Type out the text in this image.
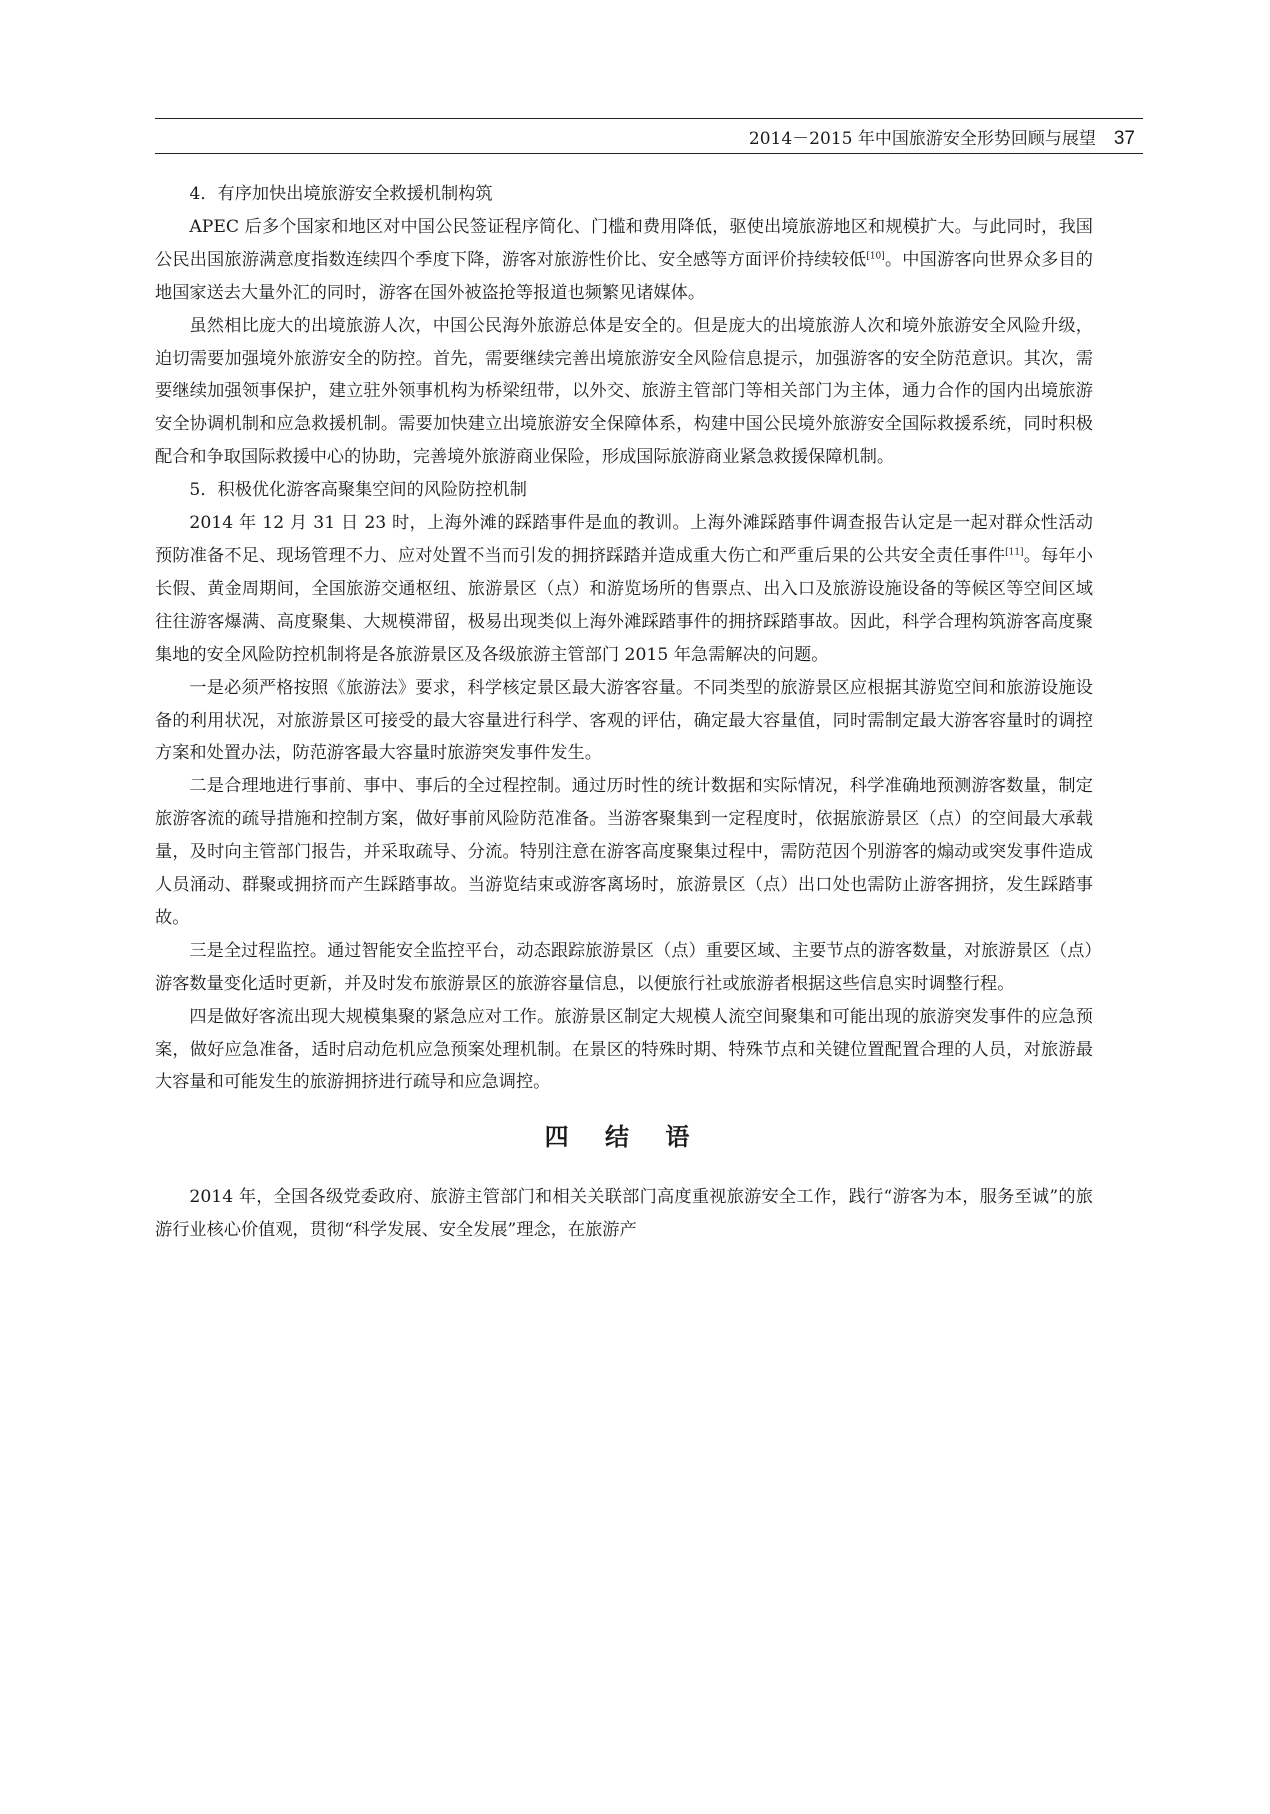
2014－2015 年中国旅游安全形势回顾与展望 37

4．有序加快出境旅游安全救援机制构筑

APEC 后多个国家和地区对中国公民签证程序简化、门槛和费用降低，驱使出境旅游地区和规模扩大。与此同时，我国公民出国旅游满意度指数连续四个季度下降，游客对旅游性价比、安全感等方面评价持续较低[10]。中国游客向世界众多目的地国家送去大量外汇的同时，游客在国外被盗抢等报道也频繁见诸媒体。

虽然相比庞大的出境旅游人次，中国公民海外旅游总体是安全的。但是庞大的出境旅游人次和境外旅游安全风险升级，迫切需要加强境外旅游安全的防控。首先，需要继续完善出境旅游安全风险信息提示，加强游客的安全防范意识。其次，需要继续加强领事保护，建立驻外领事机构为桥梁纽带，以外交、旅游主管部门等相关部门为主体，通力合作的国内出境旅游安全协调机制和应急救援机制。需要加快建立出境旅游安全保障体系，构建中国公民境外旅游安全国际救援系统，同时积极配合和争取国际救援中心的协助，完善境外旅游商业保险，形成国际旅游商业紧急救援保障机制。

5．积极优化游客高聚集空间的风险防控机制

2014 年 12 月 31 日 23 时，上海外滩的踩踏事件是血的教训。上海外滩踩踏事件调查报告认定是一起对群众性活动预防准备不足、现场管理不力、应对处置不当而引发的拥挤踩踏并造成重大伤亡和严重后果的公共安全责任事件[11]。每年小长假、黄金周期间，全国旅游交通枢纽、旅游景区（点）和游览场所的售票点、出入口及旅游设施设备的等候区等空间区域往往游客爆满、高度聚集、大规模滞留，极易出现类似上海外滩踩踏事件的拥挤踩踏事故。因此，科学合理构筑游客高度聚集地的安全风险防控机制将是各旅游景区及各级旅游主管部门 2015 年急需解决的问题。

一是必须严格按照《旅游法》要求，科学核定景区最大游客容量。不同类型的旅游景区应根据其游览空间和旅游设施设备的利用状况，对旅游景区可接受的最大容量进行科学、客观的评估，确定最大容量值，同时需制定最大游客容量时的调控方案和处置办法，防范游客最大容量时旅游突发事件发生。

二是合理地进行事前、事中、事后的全过程控制。通过历时性的统计数据和实际情况，科学准确地预测游客数量，制定旅游客流的疏导措施和控制方案，做好事前风险防范准备。当游客聚集到一定程度时，依据旅游景区（点）的空间最大承载量，及时向主管部门报告，并采取疏导、分流。特别注意在游客高度聚集过程中，需防范因个别游客的煽动或突发事件造成人员涌动、群聚或拥挤而产生踩踏事故。当游览结束或游客离场时，旅游景区（点）出口处也需防止游客拥挤，发生踩踏事故。

三是全过程监控。通过智能安全监控平台，动态跟踪旅游景区（点）重要区域、主要节点的游客数量，对旅游景区（点）游客数量变化适时更新，并及时发布旅游景区的旅游容量信息，以便旅行社或旅游者根据这些信息实时调整行程。

四是做好客流出现大规模集聚的紧急应对工作。旅游景区制定大规模人流空间聚集和可能出现的旅游突发事件的应急预案，做好应急准备，适时启动危机应急预案处理机制。在景区的特殊时期、特殊节点和关键位置配置合理的人员，对旅游最大容量和可能发生的旅游拥挤进行疏导和应急调控。

四 结 语

2014 年，全国各级党委政府、旅游主管部门和相关关联部门高度重视旅游安全工作，践行“游客为本，服务至诚”的旅游行业核心价值观，贯彻“科学发展、安全发展”理念，在旅游产
